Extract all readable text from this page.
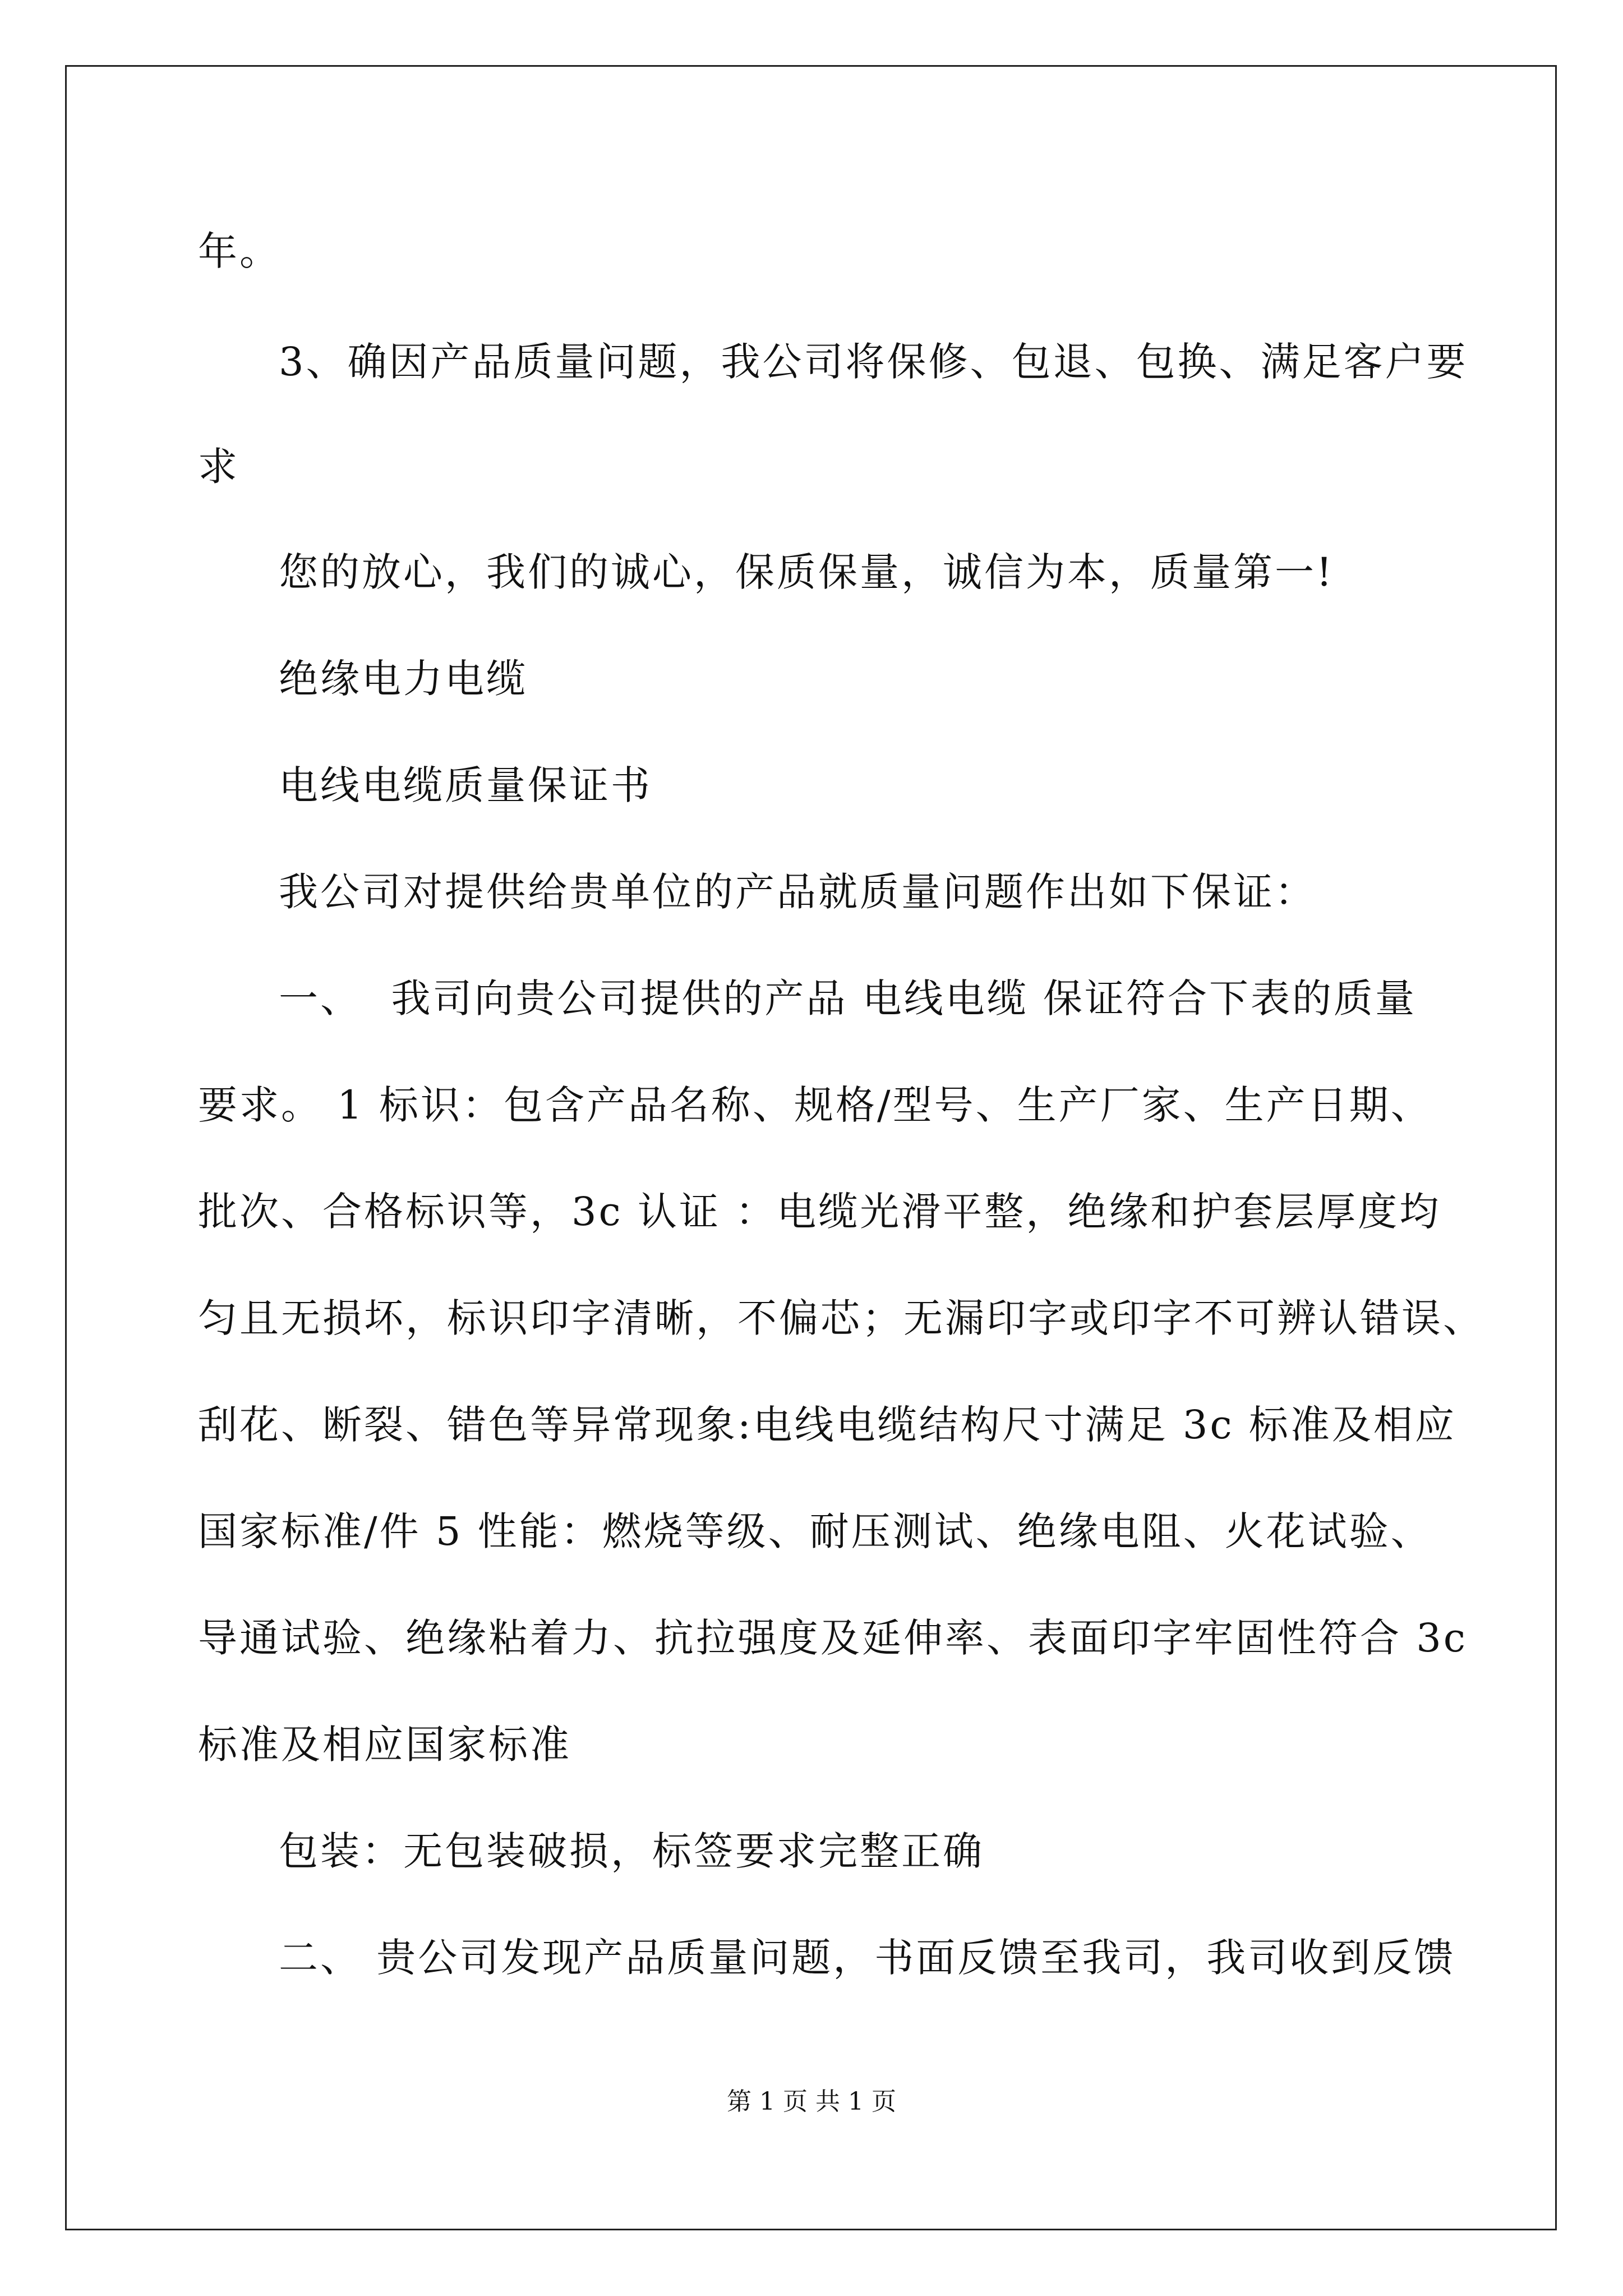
年。
3、确因产品质量问题，我公司将保修、包退、包换、满足客户要
求
您的放心，我们的诚心，保质保量，诚信为本，质量第一!
绝缘电力电缆
电线电缆质量保证书
我公司对提供给贵单位的产品就质量问题作出如下保证：
一、  我司向贵公司提供的产品 电线电缆 保证符合下表的质量
要求。 1 标识：包含产品名称、规格/型号、生产厂家、生产日期、
批次、合格标识等，3c 认证 ：电缆光滑平整，绝缘和护套层厚度均
匀且无损坏，标识印字清晰，不偏芯；无漏印字或印字不可辨认错误、
刮花、断裂、错色等异常现象:电线电缆结构尺寸满足 3c 标准及相应
国家标准/件 5 性能：燃烧等级、耐压测试、绝缘电阻、火花试验、
导通试验、绝缘粘着力、抗拉强度及延伸率、表面印字牢固性符合 3c
标准及相应国家标准
包装：无包装破损，标签要求完整正确
二、 贵公司发现产品质量问题，书面反馈至我司，我司收到反馈
第 1 页 共 1 页
